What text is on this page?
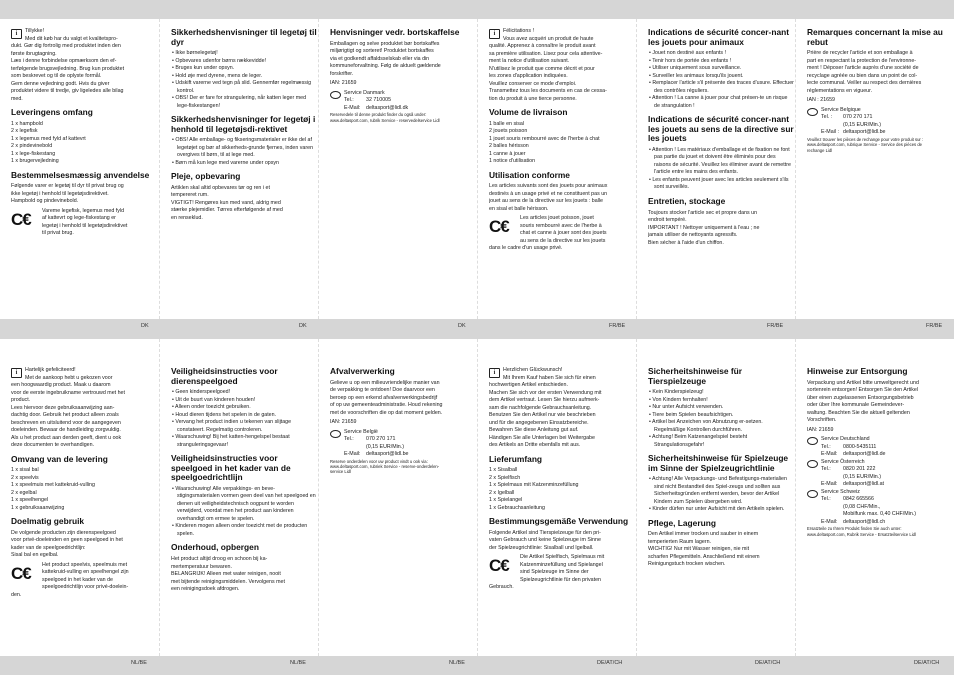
i	Tillykke!
Med dit køb har du valgt et kvalitetspro-
dukt. Gør dig fortrolig med produktet inden den
første ibrugtagning.
Læs i denne forbindelse opmærksom den ef-
terfølgende brugsvejledning. Brug kun produktet
som beskrevet og til de oplyste formål.
Gem denne vejledning godt. Hvis du giver
produktet videre til tredje, giv ligeledes alle bilag
med.

Leveringens omfang
1 x hampbold
2 x legefisk
1 x legemus med fyld af kattevrt
2 x pindevinebold
1 x lege-fiskestang
1 x brugervejledning
Bestemmelsesmæssig anvendelse

Følgende varer er legetøj til dyr til privat brug og
ikke legetøj i henhold til legetøjsdirektivet.
Hampbold og pindevinebold.

C€	Vareme legefisk, legemus med fyld
af kattevrt og lege-fiskestang er
legetøj i henhold til legetøjsdirektivet
til privat brug.

Sikkerhedshenvisninger til legetøj til dyr
• Ikke børnelegetøj!
• Opbevares udenfor børns rækkevidde!
• Bruges kun under opsyn.
• Hold øje med dyrene, mens de leger.
• Udskift varerne ved tegn på slid. Gennemfør regelmæssig kontrol.
• OBS! Der er fare for strangulering, når katten leger med lege-fiskestangen!
Sikkerhedshenvisninger for legetøj i henhold til legetøjsdi-rektivet
• OBS! Alle emballage- og fikseringsmaterialer er ikke del af legetøjet og bør af sikkerheds-grunde fjernes, inden varen overgives til børn, til at lege med.
• Børn må kun lege med varerne under opsyn
Pleje, opbevaring

Artiklen skal altid opbevares tør og ren i et
tempereret rum.
VIGTIGT! Rengøres kun med vand, aldrig med
stærke plejemidler. Tørres efterfølgende af med
en renseklud.

Henvisninger vedr. bortskaffelse

Emballagen og selve produktet bør bortskaffes
miljørigtigt og sorteret! Produktet bortskaffes
via et godkendt affaldsselskab eller via din
kommuneforvaltning. Følg de aktuelt gældende
forskrifter.

IAN: 21659

Service Danmark
Tel.:	32 710005
E-Mail:	deltasport@lidl.dk

Reservedele til denne produkt finder du også under:
www.deltasport.com, rubrik Service - reservedelservice Lidl

i	Félicitations !
Vous avez acquéri un produit de haute
qualité. Apprenez à connaître le produit avant
sa première utilisation. Lisez pour cela attentive-
ment la notice d'utilisation suivant.
N'utilisez le produit que comme décrit et pour
les zones d'application indiquées.
Veuillez conserver ce mode d'emploi.
Transmettez tous les documents en cas de cessa-
tion du produit à une tierce personne.

Volume de livraison
1 balle en sisal
2 jouets poisson
1 jouet souris rembourré avec de l'herbe à chat
2 balles hérisson
1 canne à jouer
1 notice d'utilisation
Utilisation conforme

Les articles suivants sont des jouets pour animaux
destinés à un usage privé et ne constituent pas un
jouet au sens de la directive sur les jouets : balle
en sisal et balle hérisson.

C€	Les articles jouet poisson, jouet
souris rembourré avec de l'herbe à
chat et canne à jouer sont des jouets
au sens de la directive sur les jouets
dans le cadre d'un usage privé.

Indications de sécurité concer-nant les jouets pour animaux
• Jouet non destiné aux enfants !
• Tenir hors de portée des enfants !
• Utiliser uniquement sous surveillance.
• Surveiller les animaux lorsqu'ils jouent.
• Remplacer l'article s'il présente des traces d'usure. Effectuer des contrôles réguliers.
• Attention ! La canne à jouer pour chat présen-te un risque de strangulation !
Indications de sécurité concer-nant les jouets au sens de la directive sur les jouets
• Attention ! Les matériaux d'emballage et de fixation ne font pas partie du jouet et doivent être éliminés pour des raisons de sécurité. Veuillez les éliminer avant de remettre l'article entre les mains des enfants.
• Les enfants peuvent jouer avec les articles seulement s'ils sont surveillés.
Entretien, stockage

Toujours stocker l'article sec et propre dans un
endroit tempéré.
IMPORTANT ! Nettoyer uniquement à l'eau ; ne
jamais utiliser de nettoyants agressifs.
Bien sécher à l'aide d'un chiffon.

Remarques concernant la mise au rebut

Prière de recycler l'article et son emballage à
part en respectant la protection de l'environne-
ment ! Déposer l'article auprès d'une société de
recyclage agréée ou bien dans un point de col-
lecte communal. Veiller au respect des dernières
réglementations en vigueur.

IAN : 21659

Service Belgique
Tel. :	070 270 171
(0,15 EUR/Min.)
E-Mail : deltasport@lidl.be

Veuillez trouver les pièces de rechange pour votre produit sur :
www.deltasport.com, rubrique Service - Service des pièces de
rechange Lidl

i	Hartelijk gefeliciteerd!
Met de aankoop hebt u gekozen voor
een hoogwaardig product. Maak u daarom
voor de eerste ingebruikname vertrouwd met het
product.
Lees hiervoor deze gebruiksaanwijzing aan-
dachtig door. Gebruik het product alleen zoals
beschreven en uitsluitend voor de aangegeven
doeleinden. Bewaar de handleiding zorgvuldig.
Als u het product aan derden geeft, dient u ook
deze documenten te overhandigen.

Omvang van de levering
1 x sisal bal
2 x speelvis
1 x speelmuis met kattekruid-vulling
2 x egelbal
1 x speelhengel
1 x gebruiksaanwijzing
Doelmatig gebruik

De volgende producten zijn dierenspeelgoed
voor privé-doeleinden en geen speelgoed in het
kader van de speelgoedrichtlijn:
Sisal bal en egelbal.

C€	Het product speelvis, speelmuis met
kattekruid-vulling en speelhengel zijn
speelgoed in het kader van de
speelgoedrichtlijn voor privé-doelein-
den.

Veiligheidsinstructies voor dierenspeelgoed
• Geen kinderspeelgoed!
• Uit de buurt van kinderen houden!
• Alleen onder toezicht gebruiken.
• Houd dieren tijdens het spelen in de gaten.
• Vervang het product indien u tekenen van slijtage constateert. Regelmatig controleren.
• Waarschuwing! Bij het katten-hengelspel bestaat stranguleringsgevaar!
Veiligheidsinstructies voor speelgoed in het kader van de speelgoedrichtlijn
• Waarschuwing! Alle verpakkings- en beve-stigingsmaterialen vormen geen deel van het speelgoed en dienen uit veiligheidstechnisch oogpunt te worden verwijderd, voordat men het product aan kinderen overhandigt om ermee te spelen.
• Kinderen mogen alleen onder toezicht met de producten spelen.
Onderhoud, opbergen

Het product altijd droog en schoon bij ka-
mertemperatuur bewaren.
BELANGRIJK! Alleen met water reinigen, nooit
met bijtende reinigingsmiddelen. Vervolgens met
een reinigingsdoek afdrogen.

Afvalverwerking

Gelieve u op een milieuvriendelijke manier van
de verpakking te ontdoen! Doe daarvoor een
beroep op een erkend afvalverwerkingsbedrijf
of op uw gemeenteadministratie. Houd rekening
met de voorschriften die op dat moment gelden.

IAN: 21659

Service België
Tel.:	070 270 171
(0,15 EUR/Min.)
E-Mail:	deltasport@lidl.be

Reserve onderdelen voor uw product vindt u ook via:
www.deltasport.com, rubriek Service - reserve-onderdelen-
service Lidl

i	Herzlichen Glückwunsch!
Mit Ihrem Kauf haben Sie sich für einen
hochwertigen Artikel entschieden.
Machen Sie sich vor der ersten Verwendung mit
dem Artikel vertraut. Lesen Sie hierzu aufmerk-
sam die nachfolgende Gebrauchsanleitung.
Benutzen Sie den Artikel nur wie beschrieben
und für die angegebenen Einsatzbereiche.
Bewahren Sie diese Anleitung gut auf.
Händigen Sie alle Unterlagen bei Weitergabe
des Artikels an Dritte ebenfalls mit aus.

Lieferumfang
1 x Sisalball
2 x Spielfisch
1 x Spielmaus mit Katzenminzefüllung
2 x Igelball
1 x Spielangel
1 x Gebrauchsanleitung
Bestimmungsgemäße Verwendung

Folgende Artikel sind Tierspielzeuge für den pri-
vaten Gebrauch und keine Spielzeuge im Sinne
der Spielzeugrichtlinie: Sisalball und Igelball.

C€	Die Artikel Spielfisch, Spielmaus mit
Katzenminzefüllung und Spielangel
sind Spielzeuge im Sinne der
Spielzeugrichtlinie für den privaten
Gebrauch.

Sicherheitshinweise für Tierspielzeuge
• Kein Kinderspielzeug!
• Von Kindern fernhalten!
• Nur unter Aufsicht verwenden.
• Tiere beim Spielen beaufsichtigen.
• Artikel bei Anzeichen von Abnutzung er-setzen. Regelmäßige Kontrollen durchführen.
• Achtung! Beim Katzenangelspiel besteht Strangulationsgefahr!
Sicherheitshinweise für Spielzeuge im Sinne der Spielzeugrichtlinie
• Achtung! Alle Verpackungs- und Befestigungs-materialien sind nicht Bestandteil des Spiel-zeugs und sollten aus Sicherheitsgründen entfernt werden, bevor der Artikel Kindern zum Spielen übergeben wird.
• Kinder dürfen nur unter Aufsicht mit den Artikeln spielen.
Pflege, Lagerung

Den Artikel immer trocken und sauber in einem
temperierten Raum lagern.
WICHTIG! Nur mit Wasser reinigen, nie mit
scharfen Pflegemitteln. Anschließend mit einem
Reinigungstuch trocken wischen.

Hinweise zur Entsorgung

Verpackung und Artikel bitte umweltgerecht und
sortenrein entsorgen! Entsorgen Sie den Artikel
über einen zugelassenen Entsorgungsbetrieb
oder über Ihre kommunale Gemeindever-
waltung. Beachten Sie die aktuell geltenden
Vorschriften.

IAN: 21659

Service Deutschland
Tel.:	0800-5435111
E-Mail:	deltasport@lidl.de
Service Österreich
Tel.:	0820 201 222
(0,15 EUR/Min.)
E-Mail:	deltasport@lidl.at
Service Schweiz
Tel.:	0842 665566
(0,08 CHF/Min.,
Mobilfunk max. 0,40 CHF/Min.)
E-Mail:	deltasport@lidl.ch

Ersatzteile zu Ihrem Produkt finden Sie auch unter:
www.deltasport.com, Rubrik Service - Ersatzteilservice Lidl

DK	DK	DK	FR/BE	FR/BE	FR/BE
NL/BE	NL/BE	NL/BE	DE/AT/CH	DE/AT/CH	DE/AT/CH
